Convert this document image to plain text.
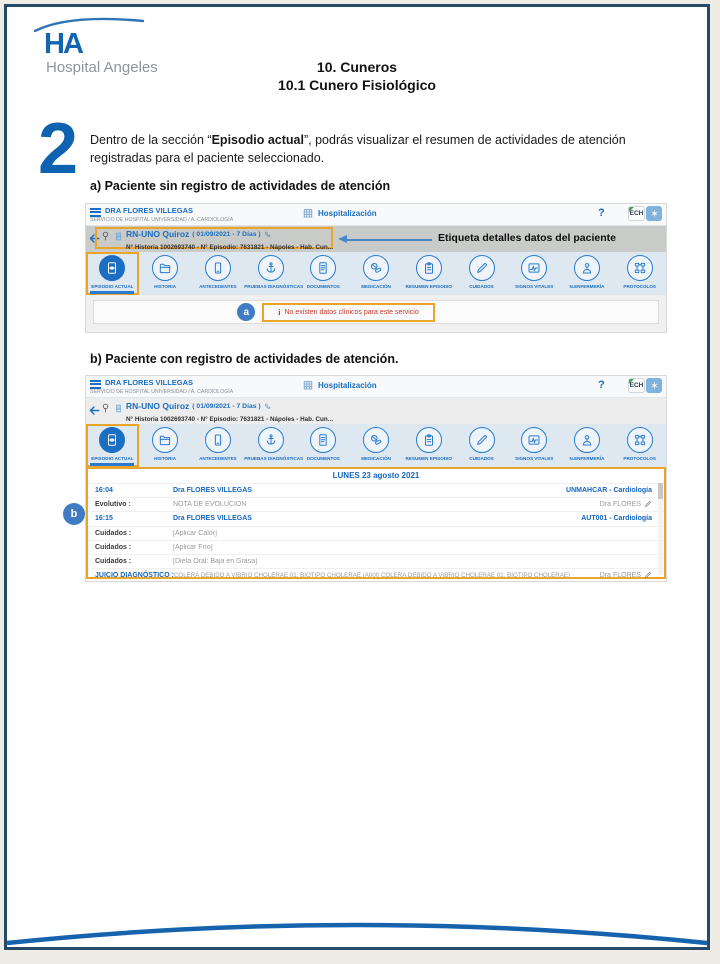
HA
Hospital Angeles	10. Cuneros
10.1 Cunero Fisiológico
2 Dentro de la sección “Episodio actual”, podrás visualizar el resumen de actividades de atención registradas para el paciente seleccionado.
a) Paciente sin registro de actividades de atención
DRA FLORES VILLEGAS
SERVICIO DE HOSPITAL UNIVERSIDAD / A. CARDIOLOGÍA
Hospitalización	?	ECH
RN-UNO Quiroz ( 01/09/2021 - 7 Días )
N° Historia 1002693740 - N° Episodio: 7631821 - Nápoles - Hab. Cun...
Etiqueta detalles datos del paciente
EPISODIO ACTUAL	HISTORIA	ANTECEDENTES	PRUEBAS DIAGNÓSTICAS DOCUMENTOS	MEDICACIÓN	RESUMEN EPISODIO	CUIDADOS	SIGNOS VITALES	N.ENFERMERÍA	PROTOCOLOS
a	i No existen datos clínicos para este servicio
b) Paciente con registro de actividades de atención.
DRA FLORES VILLEGAS
SERVICIO DE HOSPITAL UNIVERSIDAD / A. CARDIOLOGÍA
Hospitalización	?	ECH
RN-UNO Quiroz ( 01/09/2021 - 7 Días )
N° Historia 1002693740 - N° Episodio: 7631821 - Nápoles - Hab. Cun...
EPISODIO ACTUAL	HISTORIA	ANTECEDENTES	PRUEBAS DIAGNÓSTICAS DOCUMENTOS	MEDICACIÓN	RESUMEN EPISODIO	CUIDADOS	SIGNOS VITALES	N.ENFERMERÍA	PROTOCOLOS
LUNES 23 agosto 2021
16:04	Dra FLORES VILLEGAS	UNMAHCAR - Cardiología
Evolutivo :	NOTA DE EVOLUCION	Dra FLORES
16:15	Dra FLORES VILLEGAS	AUT001 - Cardiología
Cuidados :	[Aplicar Calor]
Cuidados :	[Aplicar Frío]
Cuidados :	[Dieta Oral: Baja en Grasa]
JUICIO DIAGNÓSTICO : CÓLERA DEBIDO A VIBRIO CHOLERAE 01, BIOTIPO CHOLERAE (A000 CÓLERA DEBIDO A VIBRIO CHOLERAE 01, BIOTIPO CHOLERAE)	Dra FLORES
b
